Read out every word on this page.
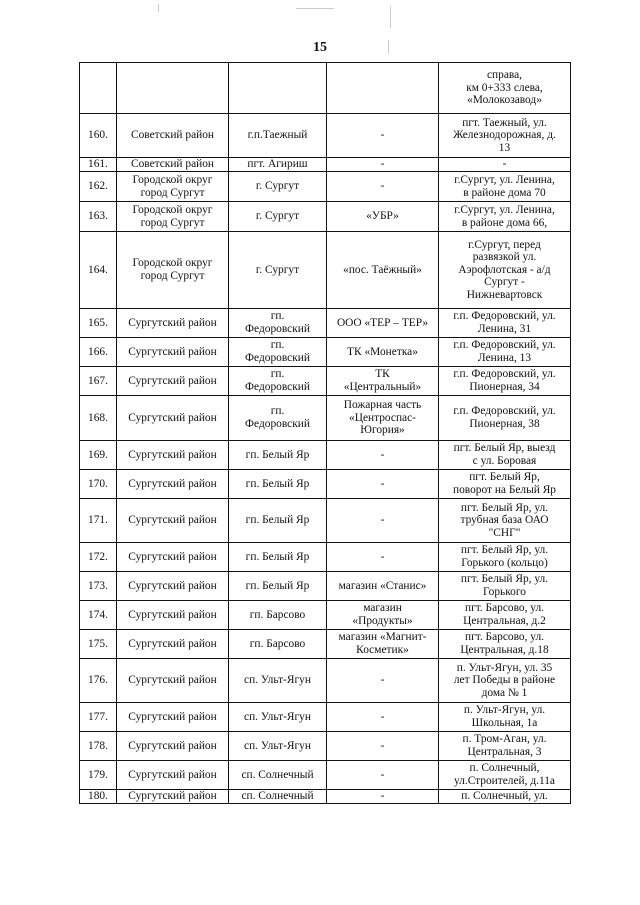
15
				справа,
км 0+333 слева,
«Молокозавод»
160.	Советский район	г.п.Таежный	-	пгт. Таежный, ул.
Железнодорожная, д.
13
161.	Советский район	пгт. Агириш	-	-
162.	Городской округ
город Сургут	г. Сургут	-	г.Сургут, ул. Ленина,
в районе дома 70
163.	Городской округ
город Сургут	г. Сургут	«УБР»	г.Сургут, ул. Ленина,
в районе дома 66,
164.	Городской округ
город Сургут	г. Сургут	«пос. Таёжный»	г.Сургут, перед
развязкой ул.
Аэрофлотская - а/д
Сургут -
Нижневартовск
165.	Сургутский район	гп.
Федоровский	ООО «ТЕР – ТЕР»	г.п. Федоровский, ул.
Ленина, 31
166.	Сургутский район	гп.
Федоровский	ТК «Монетка»	г.п. Федоровский, ул.
Ленина, 13
167.	Сургутский район	гп.
Федоровский	ТК
«Центральный»	г.п. Федоровский, ул.
Пионерная, 34
168.	Сургутский район	гп.
Федоровский	Пожарная часть
«Центроспас-
Югория»	г.п. Федоровский, ул.
Пионерная, 38
169.	Сургутский район	гп. Белый Яр	-	пгт. Белый Яр, выезд
с ул. Боровая
170.	Сургутский район	гп. Белый Яр	-	пгт. Белый Яр,
поворот на Белый Яр
171.	Сургутский район	гп. Белый Яр	-	пгт. Белый Яр, ул.
трубная база ОАО
"СНГ"
172.	Сургутский район	гп. Белый Яр	-	пгт. Белый Яр, ул.
Горького (кольцо)
173.	Сургутский район	гп. Белый Яр	магазин «Станис»	пгт. Белый Яр, ул.
Горького
174.	Сургутский район	гп. Барсово	магазин
«Продукты»	пгт. Барсово, ул.
Центральная, д.2
175.	Сургутский район	гп. Барсово	магазин «Магнит-
Косметик»	пгт. Барсово, ул.
Центральная, д.18
176.	Сургутский район	сп. Ульт-Ягун	-	п. Ульт-Ягун, ул. 35
лет Победы в районе
дома № 1
177.	Сургутский район	сп. Ульт-Ягун	-	п. Ульт-Ягун, ул.
Школьная, 1а
178.	Сургутский район	сп. Ульт-Ягун	-	п. Тром-Аган, ул.
Центральная, 3
179.	Сургутский район	сп. Солнечный	-	п. Солнечный,
ул.Строителей, д.11а
180.	Сургутский район	сп. Солнечный	-	п. Солнечный, ул.
